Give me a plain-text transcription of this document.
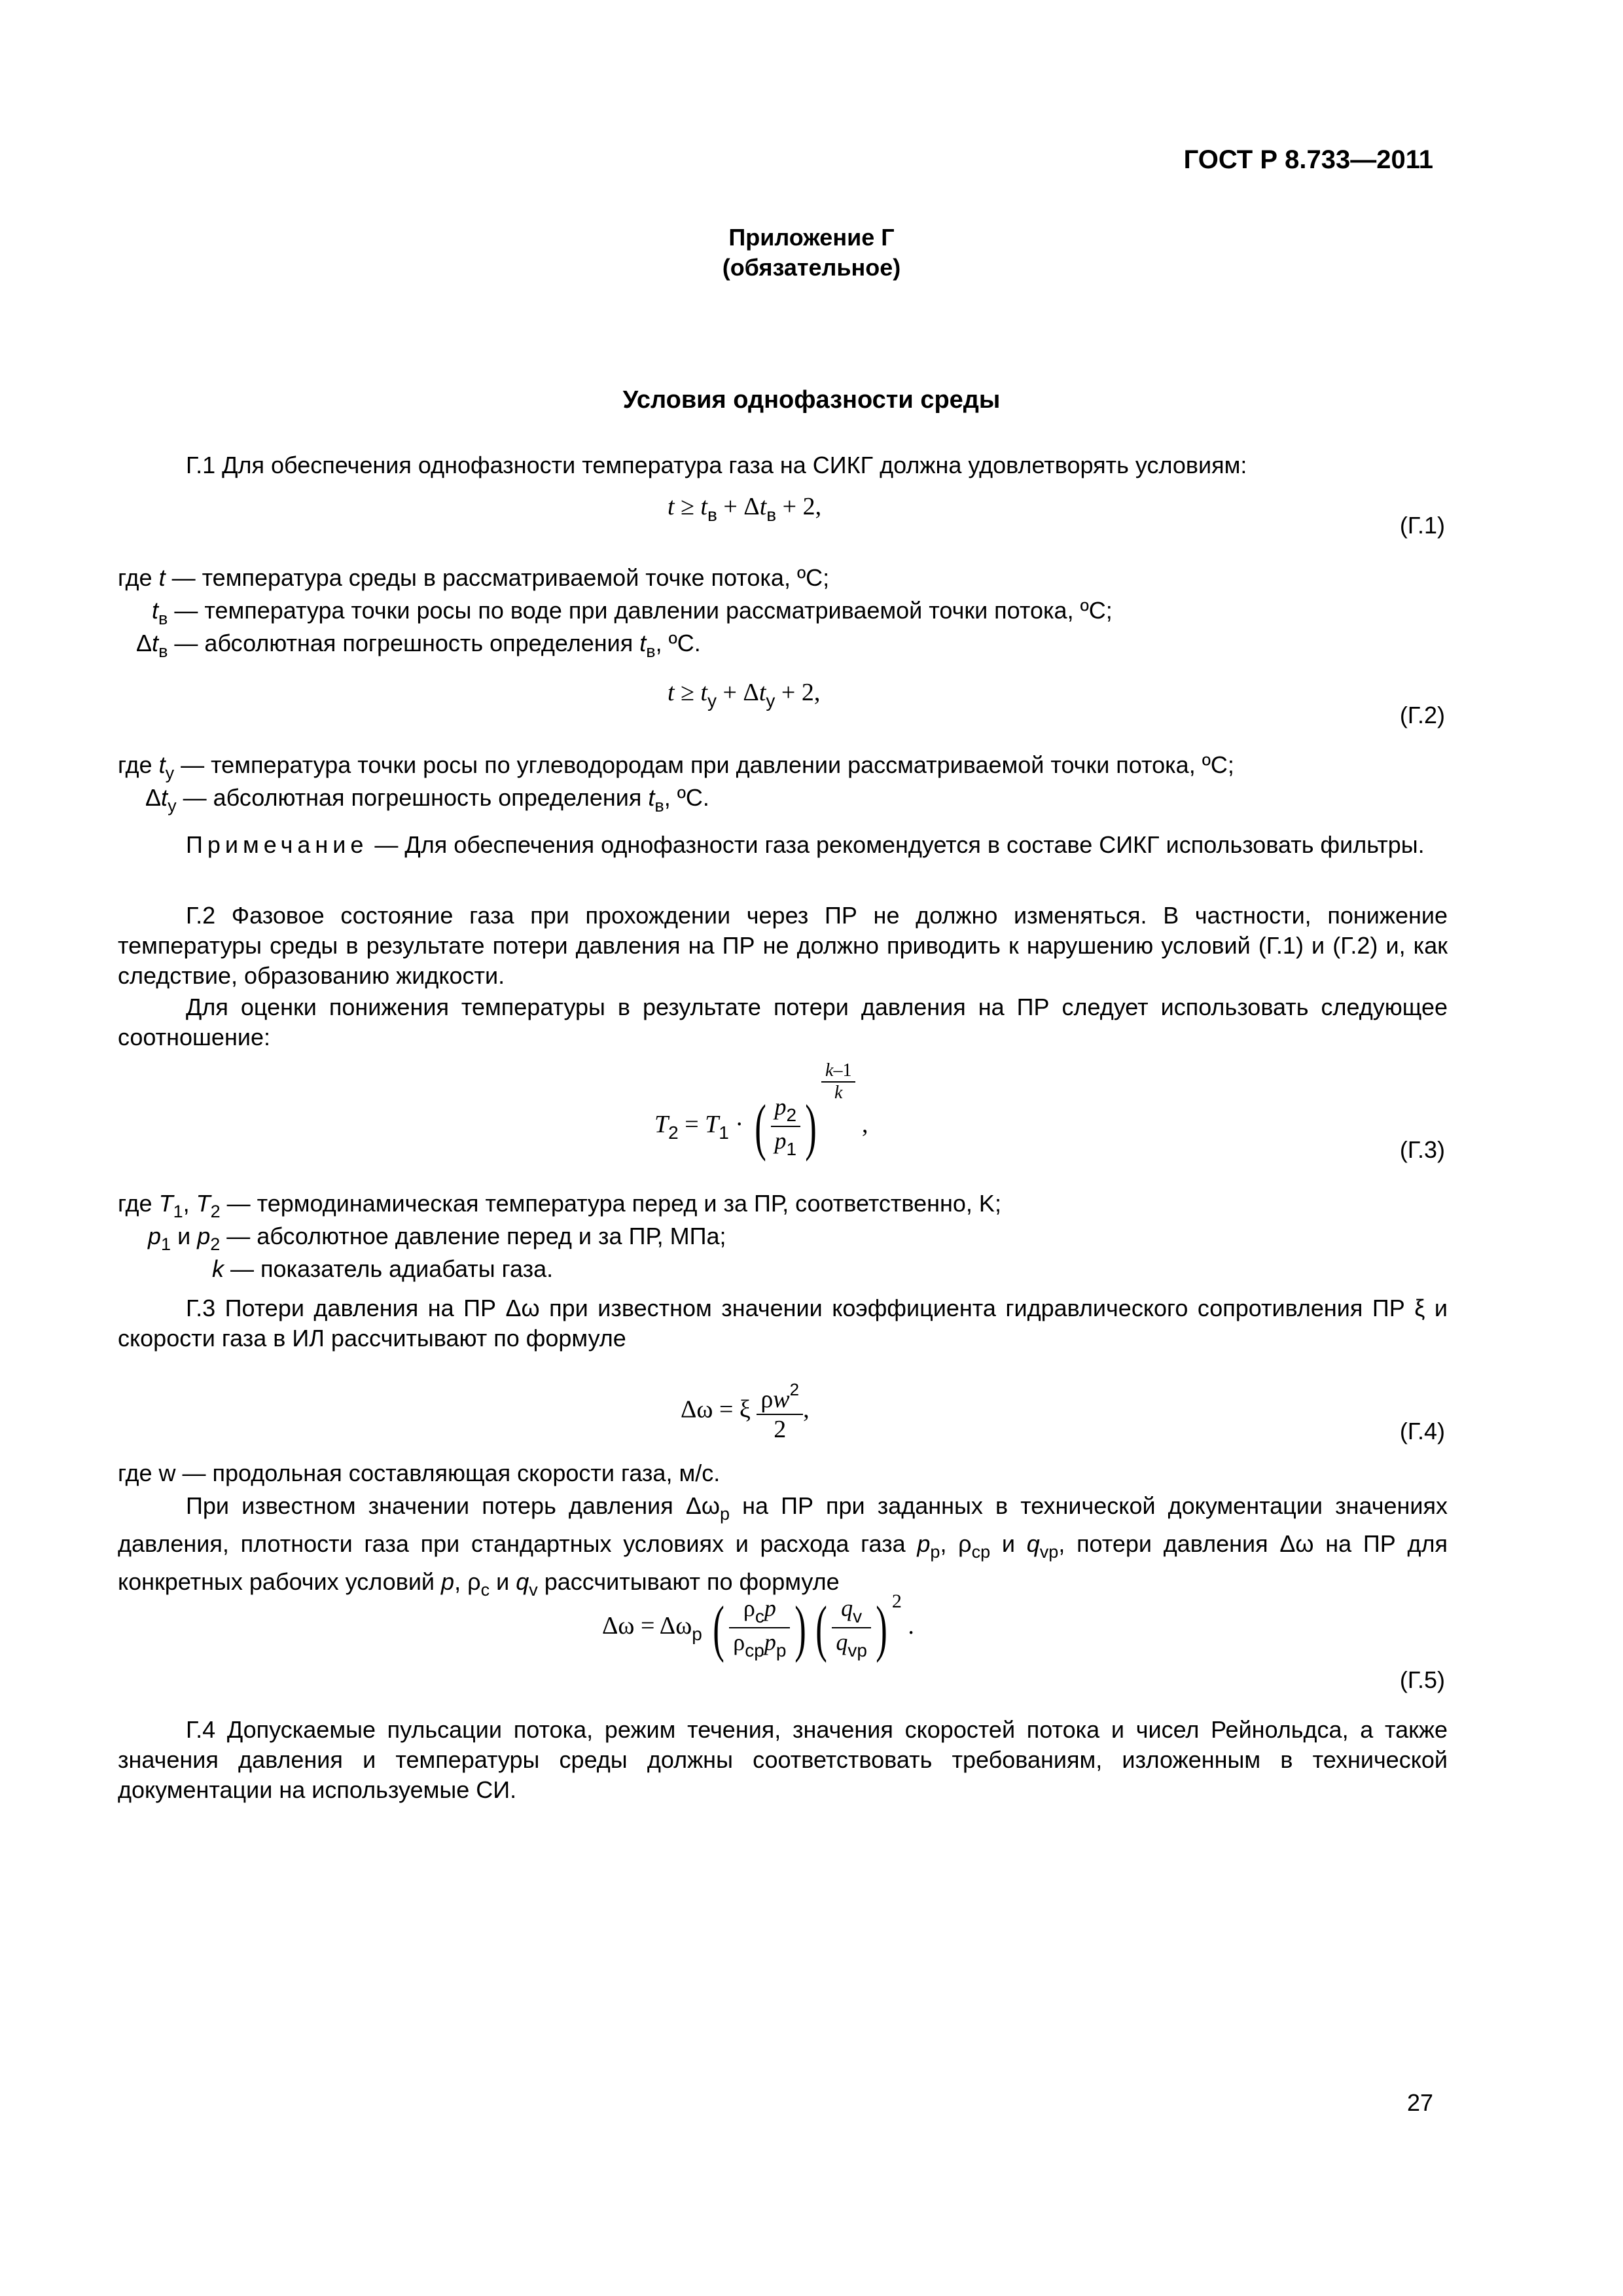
ГОСТ Р 8.733—2011
Приложение Г
(обязательное)
Условия однофазности среды
Г.1 Для обеспечения однофазности температура газа на СИКГ должна удовлетворять условиям:
$t \ge t_в + \Delta t_в + 2$,
(Г.1)
где t — температура среды в рассматриваемой точке потока, ºС;
$t_в$ — температура точки росы по воде при давлении рассматриваемой точки потока, ºС;
$\Delta t_в$ — абсолютная погрешность определения $t_в$, ºС.
$t \ge t_у + \Delta t_у + 2$,
(Г.2)
где $t_у$ — температура точки росы по углеводородам при давлении рассматриваемой точки потока, ºС;
$\Delta t_у$ — абсолютная погрешность определения $t_в$, ºС.
Примечание — Для обеспечения однофазности газа рекомендуется в составе СИКГ использовать фильтры.
Г.2 Фазовое состояние газа при прохождении через ПР не должно изменяться. В частности, понижение температуры среды в результате потери давления на ПР не должно приводить к нарушению условий (Г.1) и (Г.2) и, как следствие, образованию жидкости.
Для оценки понижения температуры в результате потери давления на ПР следует использовать следующее соотношение:
$T_2 = T_1$ · ( $\frac{p_2}{p_1}$ )
$\frac{k-1}{k}$
,
(Г.3)
где $T_1$, $T_2$ — термодинамическая температура перед и за ПР, соответственно, K;
$p_1$ и $p_2$ — абсолютное давление перед и за ПР, МПа;
k — показатель адиабаты газа.
Г.3 Потери давления на ПР Δω при известном значении коэффициента гидравлического сопротивления ПР ξ и скорости газа в ИЛ рассчитывают по формуле
Δω = ξ $\frac{\rho w^2}{2}$ ,
(Г.4)
где w — продольная составляющая скорости газа, м/с.
При известном значении потерь давления $\Delta\omega_р$ на ПР при заданных в технической документации значениях давления, плотности газа при стандартных условиях и расхода газа $p_р$, $\rho_{ср}$ и $q_{vр}$, потери давления Δω на ПР для конкретных рабочих условий p, $\rho_с$ и $q_v$ рассчитывают по формуле
$\Delta\omega = \Delta\omega_р$ ( $\frac{\rho_сp}{\rho_{ср}p_р}$ ) ( $\frac{q_v}{q_{vр}}$ ) $^2$ .
(Г.5)
Г.4 Допускаемые пульсации потока, режим течения, значения скоростей потока и чисел Рейнольдса, а также значения давления и температуры среды должны соответствовать требованиям, изложенным в технической документации на используемые СИ.
27
